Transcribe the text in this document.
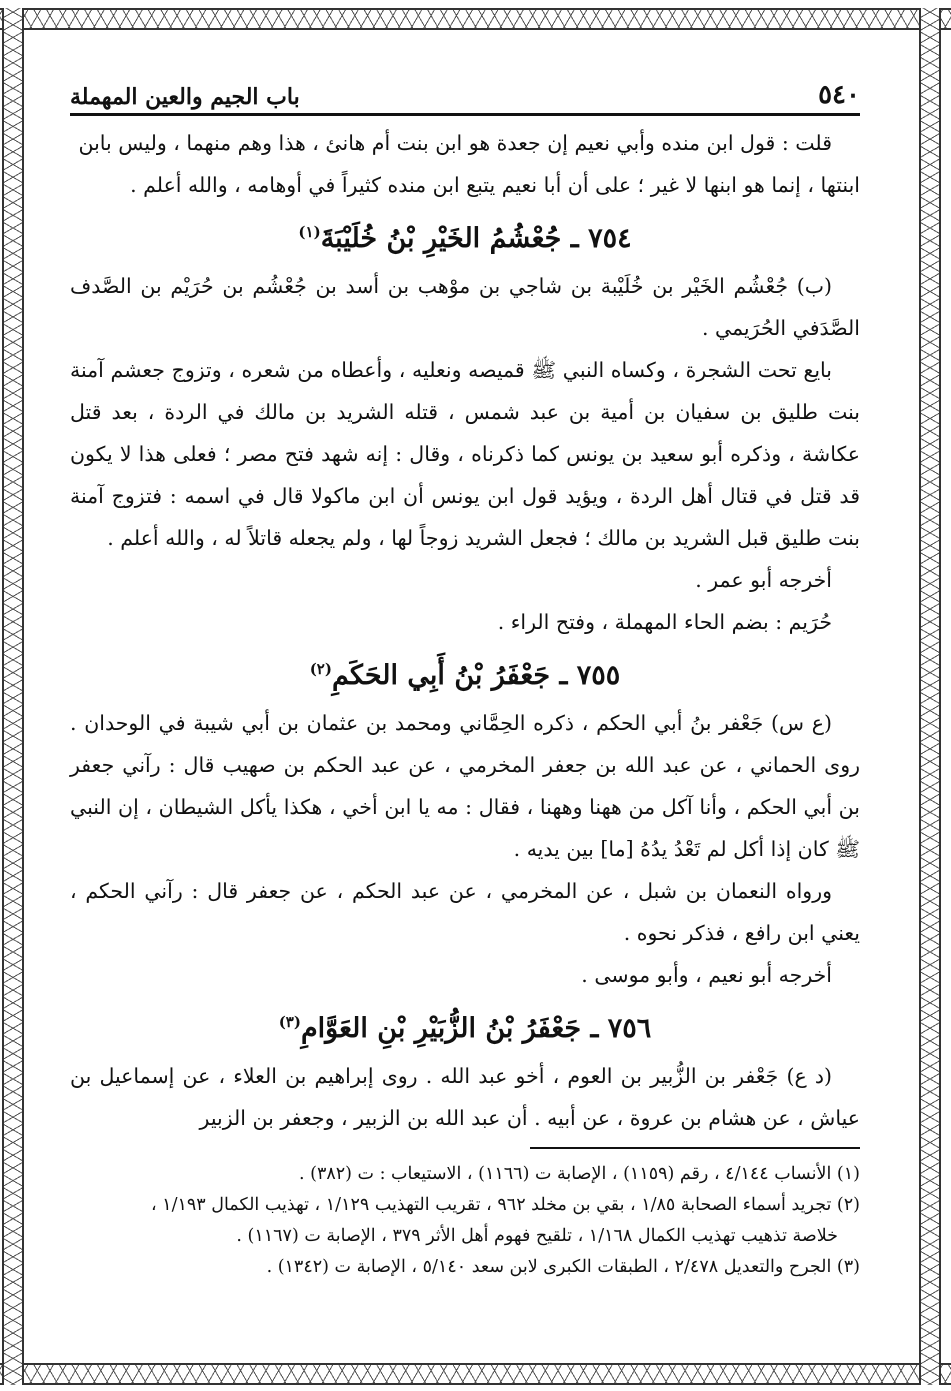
٥٤٠
باب الجيم والعين المهملة

قلت : قول ابن منده وأبي نعيم إن جعدة هو ابن بنت أم هانئ ، هذا وهم منهما ، وليس بابن

ابنتها ، إنما هو ابنها لا غير ؛ على أن أبا نعيم يتبع ابن منده كثيراً في أوهامه ، والله أعلم .

٧٥٤ ـ جُعْشُمُ الخَيْرِ بْنُ خُلَيْبَةَ$^{(١)}$

(ب) جُعْشُم الخَيْر بن خُلَيْبة بن شاجي بن موْهب بن أسد بن جُعْشُم بن حُرَيْم بن الصَّدف الصَّدَفي الحُرَيمي .

بايع تحت الشجرة ، وكساه النبي ﷺ قميصه ونعليه ، وأعطاه من شعره ، وتزوج جعشم آمنة بنت طليق بن سفيان بن أمية بن عبد شمس ، قتله الشريد بن مالك في الردة ، بعد قتل عكاشة ، وذكره أبو سعيد بن يونس كما ذكرناه ، وقال : إنه شهد فتح مصر ؛ فعلى هذا لا يكون قد قتل في قتال أهل الردة ، ويؤيد قول ابن يونس أن ابن ماكولا قال في اسمه : فتزوج آمنة بنت طليق قبل الشريد بن مالك ؛ فجعل الشريد زوجاً لها ، ولم يجعله قاتلاً له ، والله أعلم .

أخرجه أبو عمر .

حُرَيم : بضم الحاء المهملة ، وفتح الراء .

٧٥٥ ـ جَعْفَرُ بْنُ أَبِي الحَكَمِ$^{(٢)}$

(ع س) جَعْفر بنُ أبي الحكم ، ذكره الحِمَّاني ومحمد بن عثمان بن أبي شيبة في الوحدان . روى الحماني ، عن عبد الله بن جعفر المخرمي ، عن عبد الحكم بن صهيب قال : رآني جعفر بن أبي الحكم ، وأنا آكل من ههنا وههنا ، فقال : مه يا ابن أخي ، هكذا يأكل الشيطان ، إن النبي ﷺ كان إذا أكل لم تَعْدُ يدُهُ [ما] بين يديه .

ورواه النعمان بن شبل ، عن المخرمي ، عن عبد الحكم ، عن جعفر قال : رآني الحكم ، يعني ابن رافع ، فذكر نحوه .

أخرجه أبو نعيم ، وأبو موسى .

٧٥٦ ـ جَعْفَرُ بْنُ الزُّبَيْرِ بْنِ العَوَّامِ$^{(٣)}$

(د ع) جَعْفر بن الزُّبير بن العوم ، أخو عبد الله . روى إبراهيم بن العلاء ، عن إسماعيل بن عياش ، عن هشام بن عروة ، عن أبيه . أن عبد الله بن الزبير ، وجعفر بن الزبير

(١) الأنساب ٤/١٤٤ ، رقم (١١٥٩) ، الإصابة ت (١١٦٦) ، الاستيعاب : ت (٣٨٢) .

(٢) تجريد أسماء الصحابة ١/٨٥ ، بقي بن مخلد ٩٦٢ ، تقريب التهذيب ١/١٢٩ ، تهذيب الكمال ١/١٩٣ ،

خلاصة تذهيب تهذيب الكمال ١/١٦٨ ، تلقيح فهوم أهل الأثر ٣٧٩ ، الإصابة ت (١١٦٧) .

(٣) الجرح والتعديل ٢/٤٧٨ ، الطبقات الكبرى لابن سعد ٥/١٤٠ ، الإصابة ت (١٣٤٢) .
